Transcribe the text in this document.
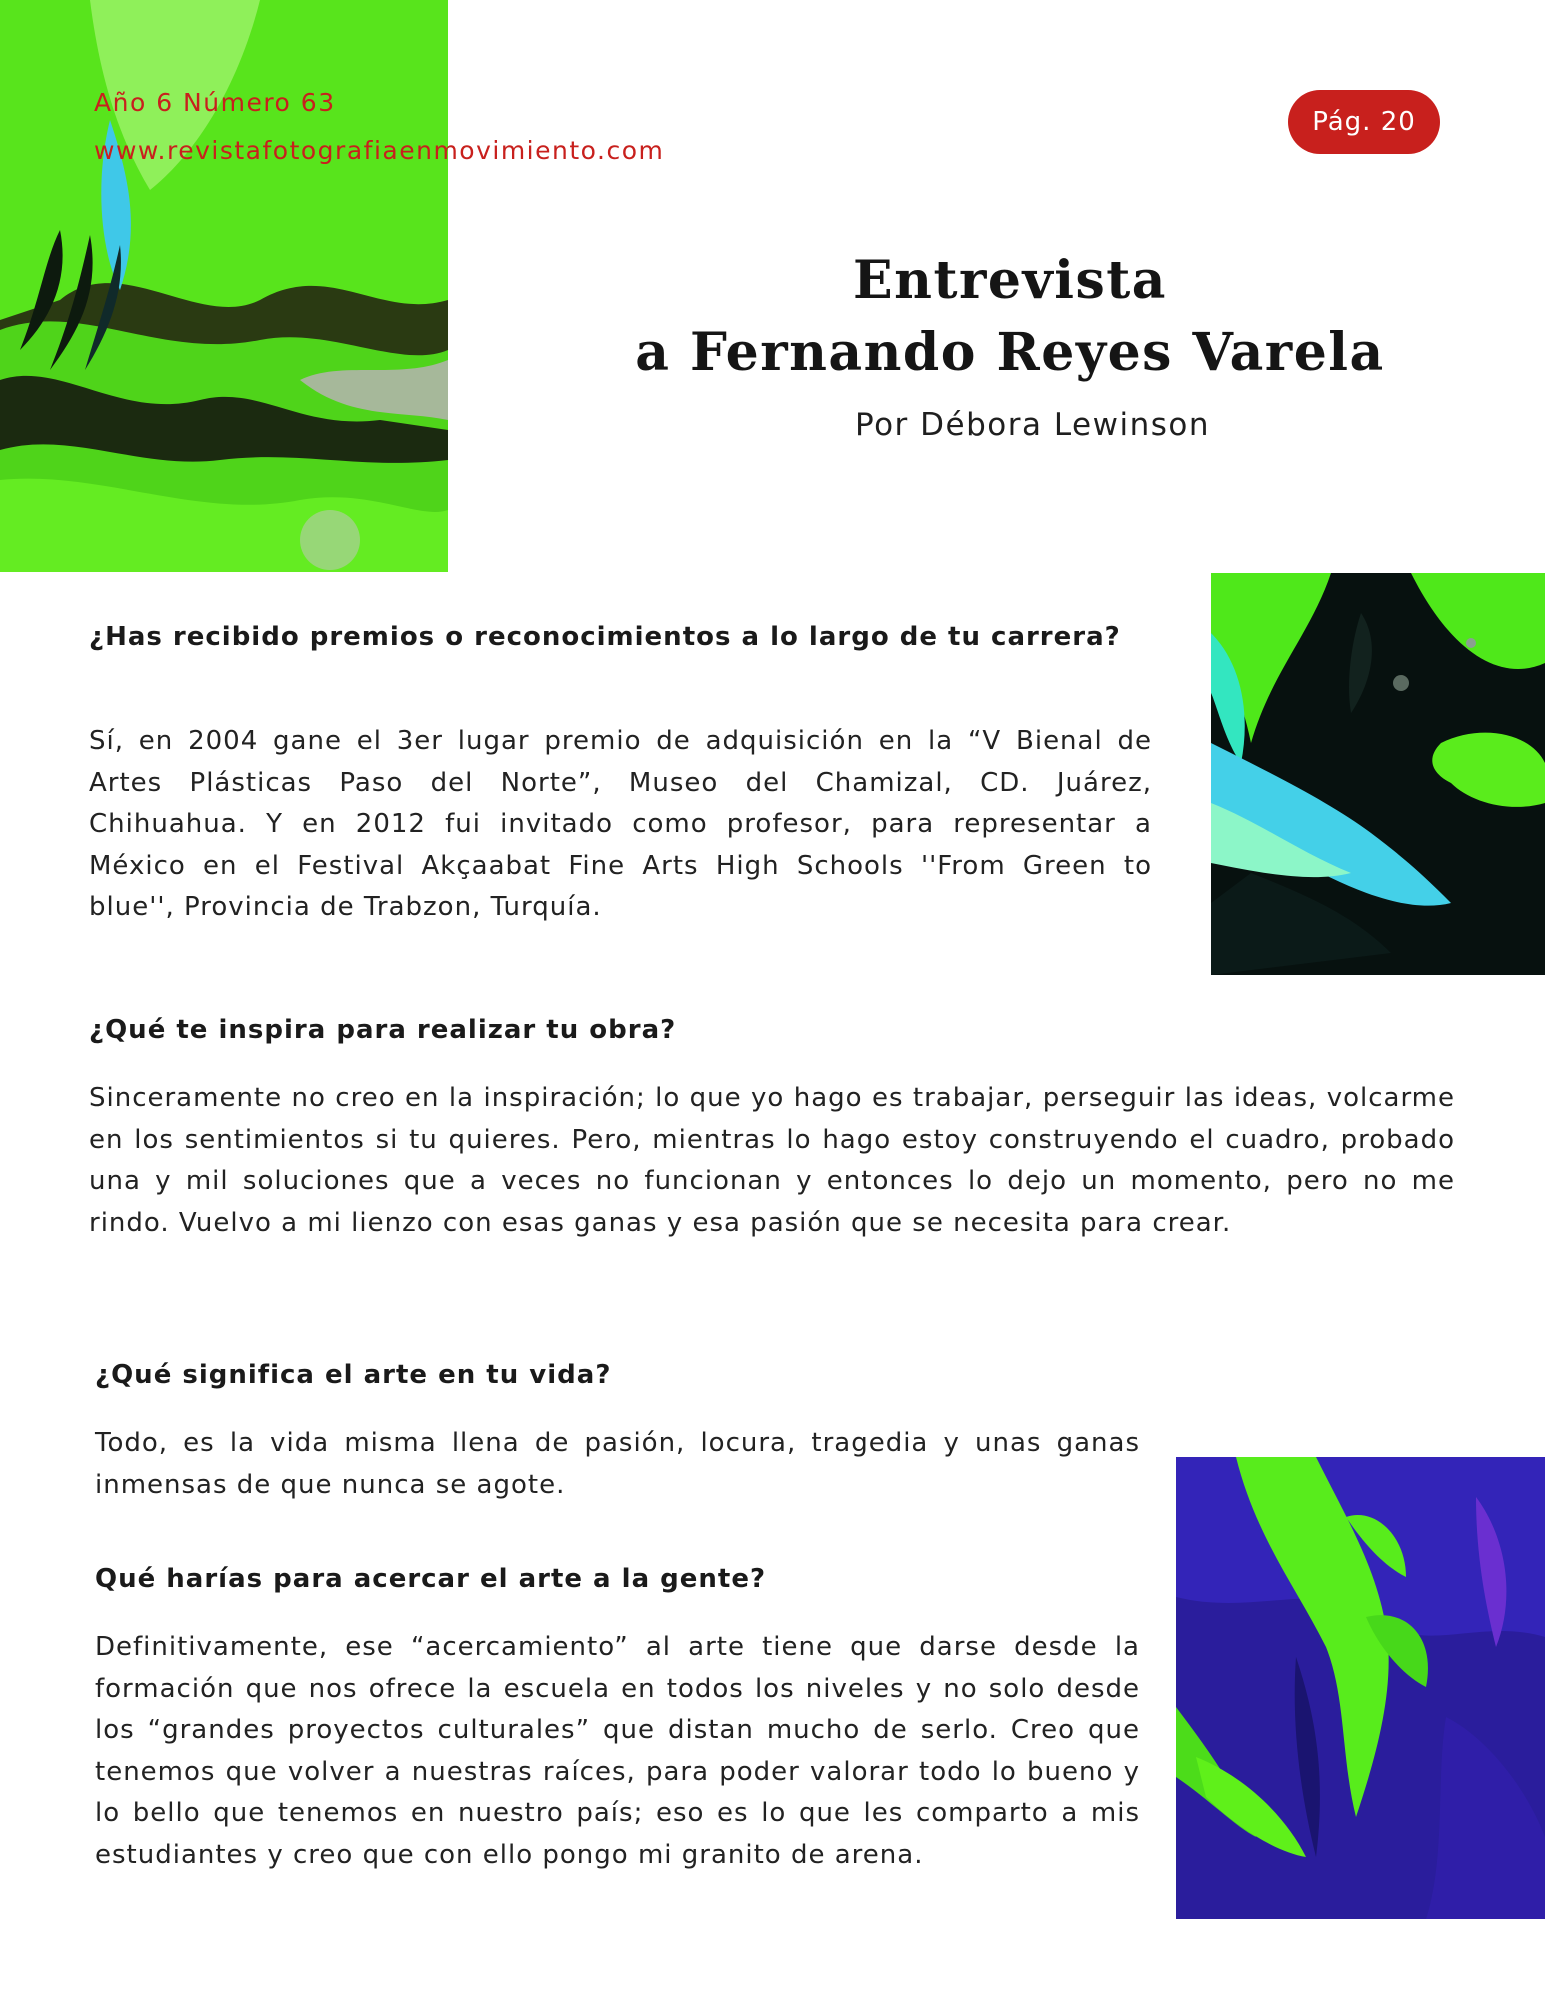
Año 6 Número 63
www.revistafotografiaenmovimiento.com
Pág. 20
Entrevista
a Fernando Reyes Varela
Por Débora Lewinson

¿Has recibido premios o reconocimientos a lo largo de tu carrera?

Sí, en 2004 gane el 3er lugar premio de adquisición en la “V Bienal de Artes Plásticas Paso del Norte”, Museo del Chamizal, CD. Juárez, Chihuahua. Y en 2012 fui invitado como profesor, para representar a México en el Festival Akçaabat Fine Arts High Schools ''From Green to blue'', Provincia de Trabzon, Turquía.

¿Qué te inspira para realizar tu obra?

Sinceramente no creo en la inspiración; lo que yo hago es trabajar, perseguir las ideas, volcarme en los sentimientos si tu quieres. Pero, mientras lo hago estoy construyendo el cuadro, probado una y mil soluciones que a veces no funcionan y entonces lo dejo un momento, pero no me rindo. Vuelvo a mi lienzo con esas ganas y esa pasión que se necesita para crear.

¿Qué significa el arte en tu vida?

Todo, es la vida misma llena de pasión, locura, tragedia y unas ganas inmensas de que nunca se agote.

Qué harías para acercar el arte a la gente?

Definitivamente, ese “acercamiento” al arte tiene que darse desde la formación que nos ofrece la escuela en todos los niveles y no solo desde los “grandes proyectos culturales” que distan mucho de serlo. Creo que tenemos que volver a nuestras raíces, para poder valorar todo lo bueno y lo bello que tenemos en nuestro país; eso es lo que les comparto a mis estudiantes y creo que con ello pongo mi granito de arena.
